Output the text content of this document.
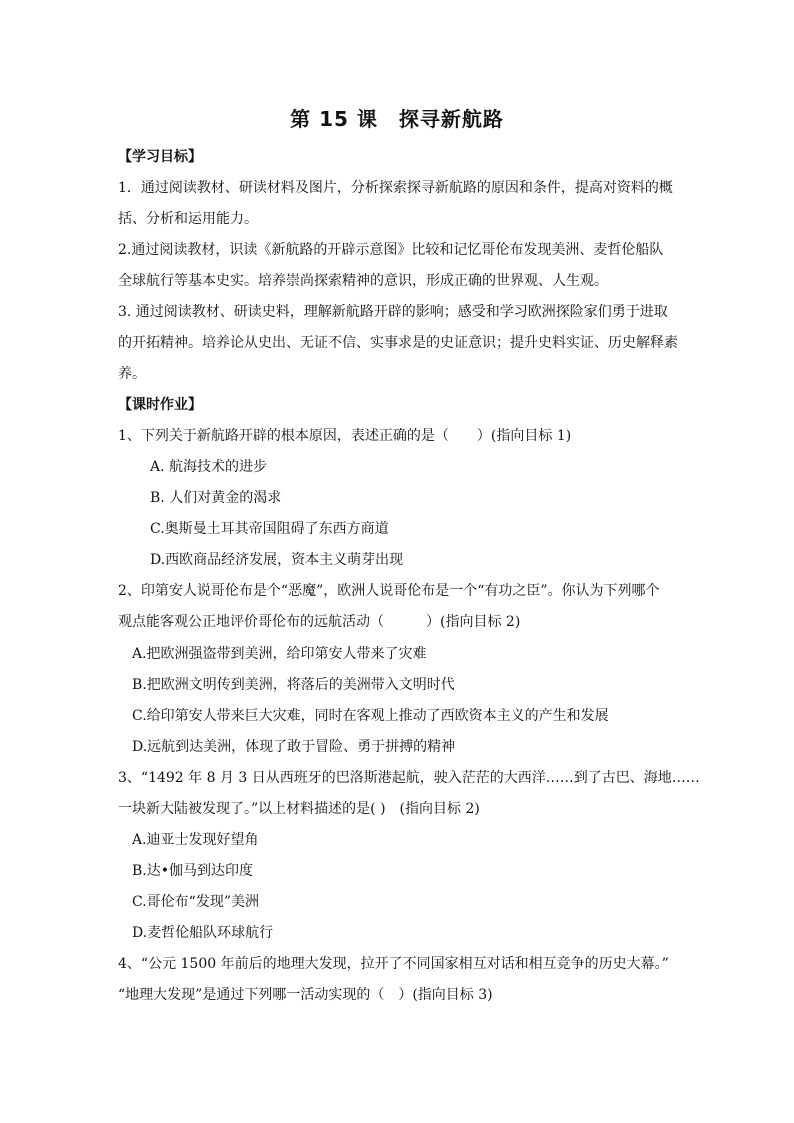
第 15 课　探寻新航路
【学习目标】
1．通过阅读教材、研读材料及图片，分析探索探寻新航路的原因和条件，提高对资料的概
括、分析和运用能力。
2.通过阅读教材，识读《新航路的开辟示意图》比较和记忆哥伦布发现美洲、麦哲伦船队
全球航行等基本史实。培养崇尚探索精神的意识，形成正确的世界观、人生观。
3. 通过阅读教材、研读史料，理解新航路开辟的影响；感受和学习欧洲探险家们勇于进取
的开拓精神。培养论从史出、无证不信、实事求是的史证意识；提升史料实证、历史解释素
养。
【课时作业】
1、下列关于新航路开辟的根本原因，表述正确的是（　　）(指向目标 1)
A. 航海技术的进步
B. 人们对黄金的渴求
C.奥斯曼土耳其帝国阻碍了东西方商道
D.西欧商品经济发展，资本主义萌芽出现
2、印第安人说哥伦布是个“恶魔”，欧洲人说哥伦布是一个“有功之臣”。你认为下列哪个
观点能客观公正地评价哥伦布的远航活动（　　　）(指向目标 2)
A.把欧洲强盗带到美洲，给印第安人带来了灾难
B.把欧洲文明传到美洲，将落后的美洲带入文明时代
C.给印第安人带来巨大灾难，同时在客观上推动了西欧资本主义的产生和发展
D.远航到达美洲，体现了敢于冒险、勇于拼搏的精神
3、“1492 年 8 月 3 日从西班牙的巴洛斯港起航，驶入茫茫的大西洋……到了古巴、海地……
一块新大陆被发现了。”以上材料描述的是( )　(指向目标 2)
A.迪亚士发现好望角
B.达•伽马到达印度
C.哥伦布“发现”美洲
D.麦哲伦船队环球航行
4、“公元 1500 年前后的地理大发现，拉开了不同国家相互对话和相互竞争的历史大幕。”
“地理大发现”是通过下列哪一活动实现的（　）(指向目标 3)
